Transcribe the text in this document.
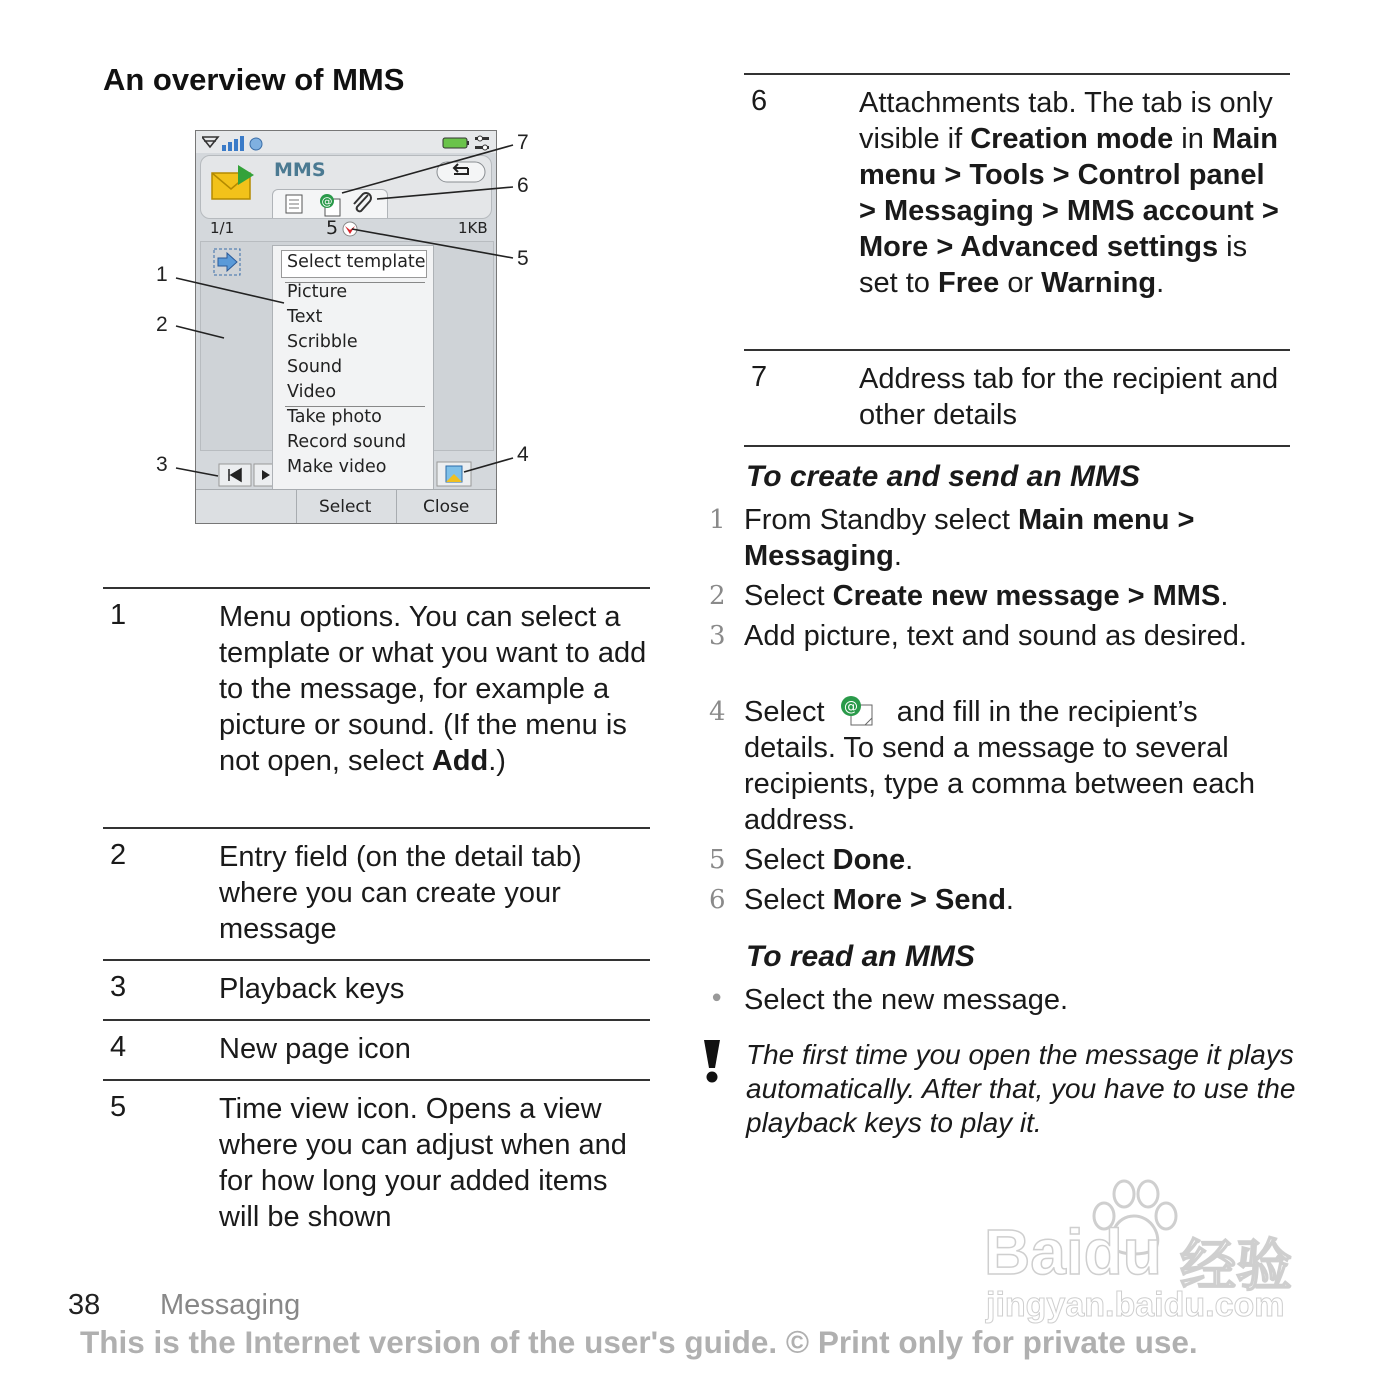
An overview of MMS
MMS
@
1/1	5	1KB
Select template
Picture
Text
Scribble
Sound
Video
Take photo
Record sound
Make video
Select	Close
1
2
3	4
5
6
7
1	Menu options. You can select a template or what you want to add to the message, for example a picture or sound. (If the menu is not open, select Add.)
2	Entry field (on the detail tab) where you can create your message
3	Playback keys
4	New page icon
5	Time view icon. Opens a view where you can adjust when and for how long your added items will be shown
6	Attachments tab. The tab is only visible if Creation mode in Main menu > Tools > Control panel > Messaging > MMS account > More > Advanced settings is set to Free or Warning.
7	Address tab for the recipient and other details
To create and send an MMS
1 From Standby select Main menu > Messaging.
2 Select Create new message > MMS.
3 Add picture, text and sound as desired.
4 Select @ and fill in the recipient’s details. To send a message to several recipients, type a comma between each address.
5 Select Done.
6 Select More > Send.
To read an MMS
• Select the new message.
The first time you open the message it plays automatically. After that, you have to use the playback keys to play it.
Baidu 经验
jingyan.baidu.com
38 Messaging
This is the Internet version of the user's guide. © Print only for private use.
